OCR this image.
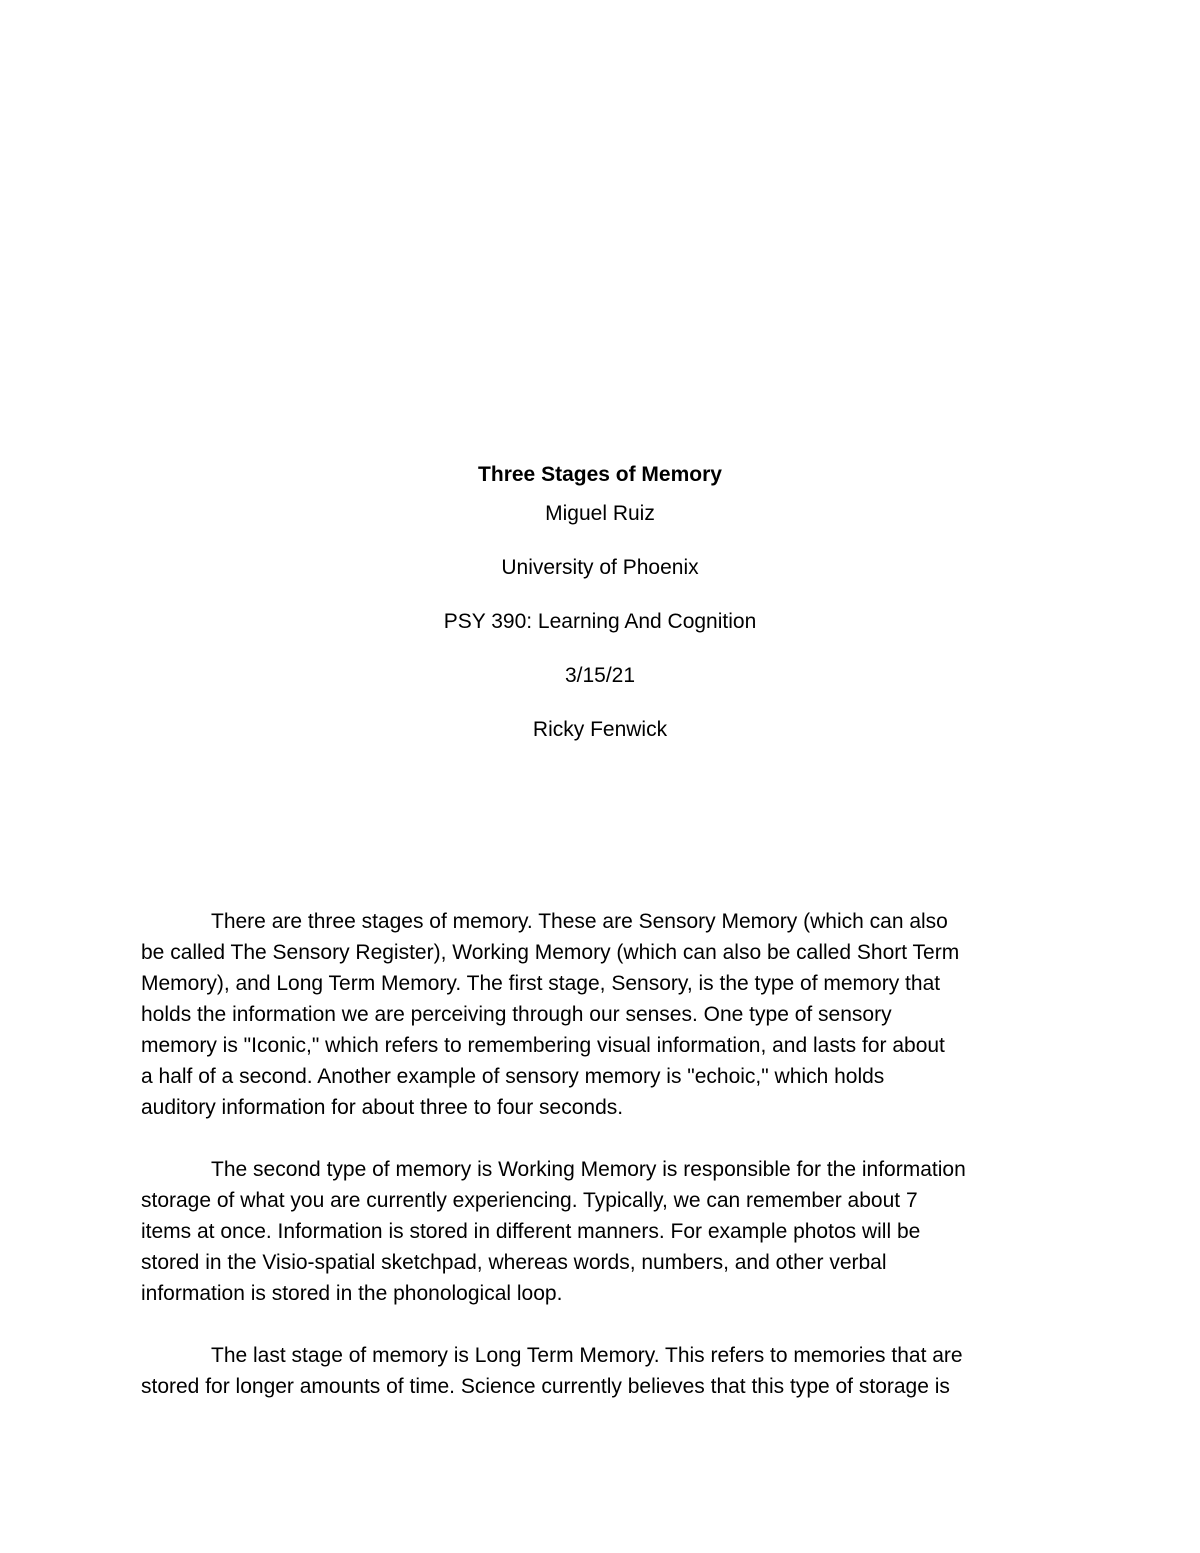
Three Stages of Memory
Miguel Ruiz
University of Phoenix
PSY 390: Learning And Cognition
3/15/21
Ricky Fenwick
There are three stages of memory. These are Sensory Memory (which can also
be called The Sensory Register), Working Memory (which can also be called Short Term
Memory), and Long Term Memory. The first stage, Sensory, is the type of memory that
holds the information we are perceiving through our senses. One type of sensory
memory is "Iconic," which refers to remembering visual information, and lasts for about
a half of a second. Another example of sensory memory is "echoic," which holds
auditory information for about three to four seconds.
The second type of memory is Working Memory is responsible for the information
storage of what you are currently experiencing. Typically, we can remember about 7
items at once. Information is stored in different manners. For example photos will be
stored in the Visio-spatial sketchpad, whereas words, numbers, and other verbal
information is stored in the phonological loop.
The last stage of memory is Long Term Memory. This refers to memories that are
stored for longer amounts of time. Science currently believes that this type of storage is
